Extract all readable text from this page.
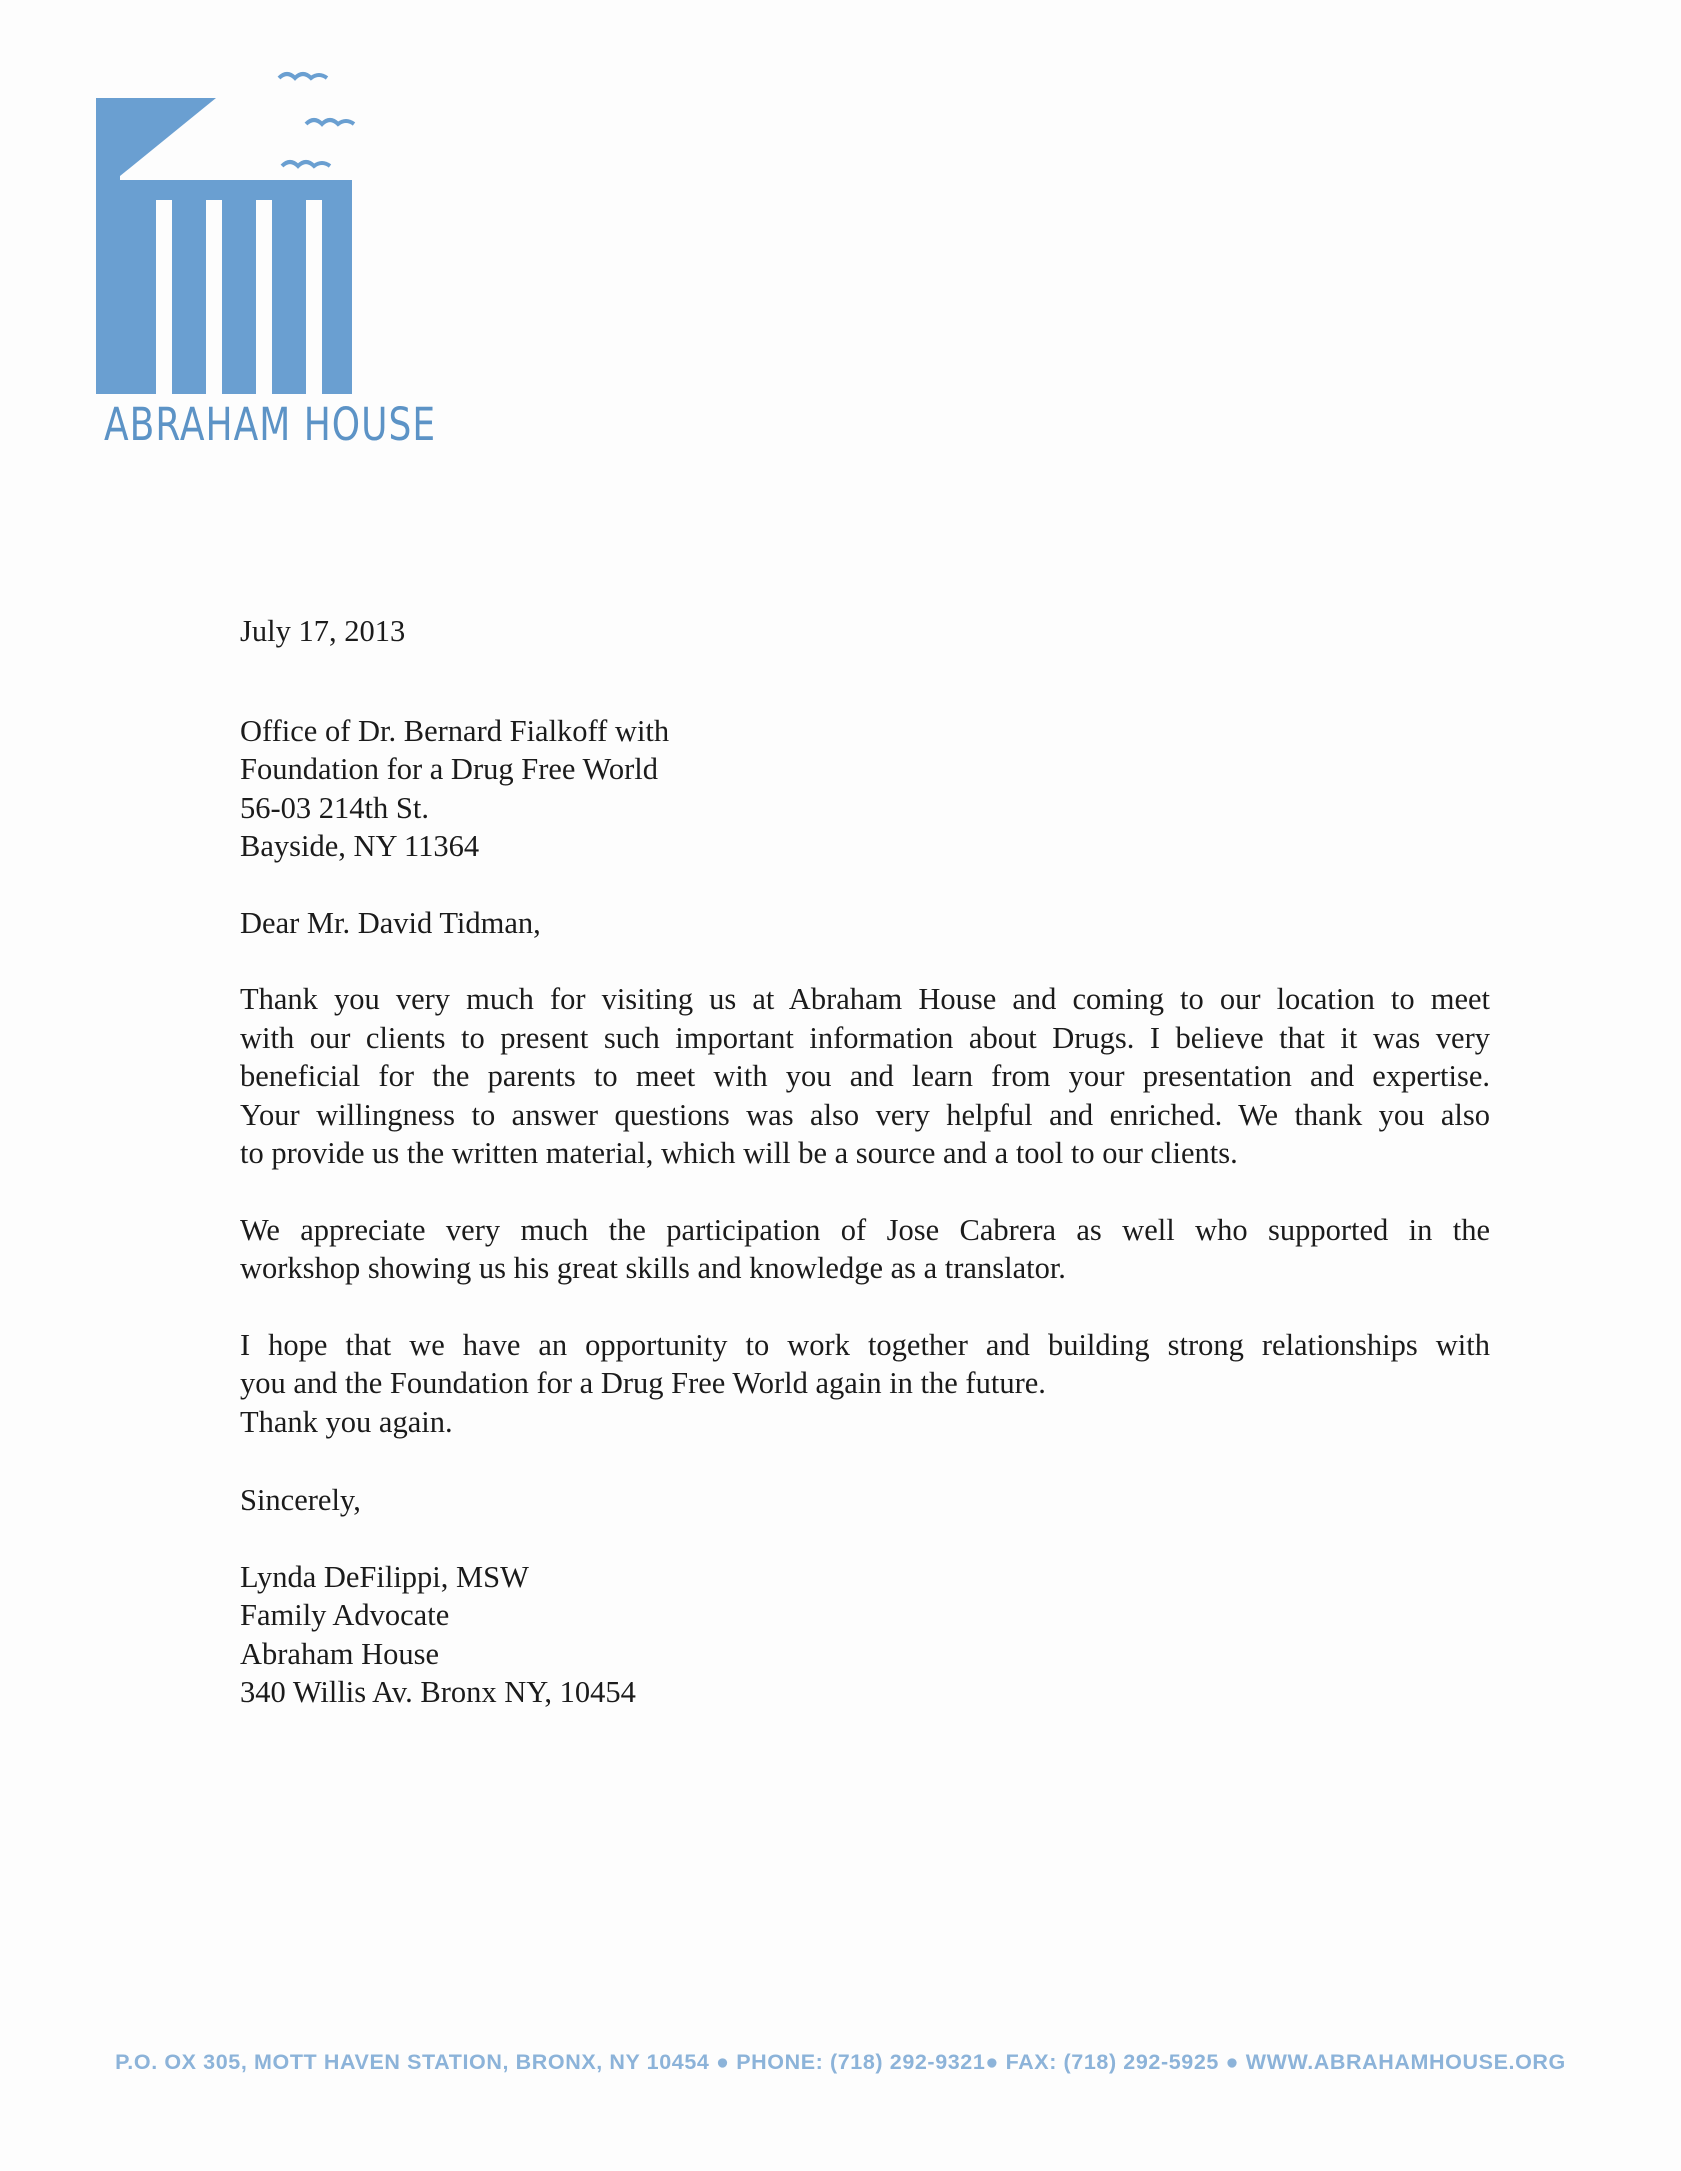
ABRAHAM HOUSE
July 17, 2013
Office of Dr. Bernard Fialkoff with
Foundation for a Drug Free World
56-03 214th St.
Bayside, NY 11364
Dear Mr. David Tidman,
Thank you very much for visiting us at Abraham House and coming to our location to meet
with our clients to present such important information about Drugs. I believe that it was very
beneficial for the parents to meet with you and learn from your presentation and expertise.
Your willingness to answer questions was also very helpful and enriched. We thank you also
to provide us the written material, which will be a source and a tool to our clients.
We appreciate very much the participation of Jose Cabrera as well who supported in the
workshop showing us his great skills and knowledge as a translator.
I hope that we have an opportunity to work together and building strong relationships with
you and the Foundation for a Drug Free World again in the future.
Thank you again.
Sincerely,
Lynda DeFilippi, MSW
Family Advocate
Abraham House
340 Willis Av. Bronx NY, 10454
P.O. OX 305, MOTT HAVEN STATION, BRONX, NY 10454 ● PHONE: (718) 292-9321● FAX: (718) 292-5925 ● WWW.ABRAHAMHOUSE.ORG
